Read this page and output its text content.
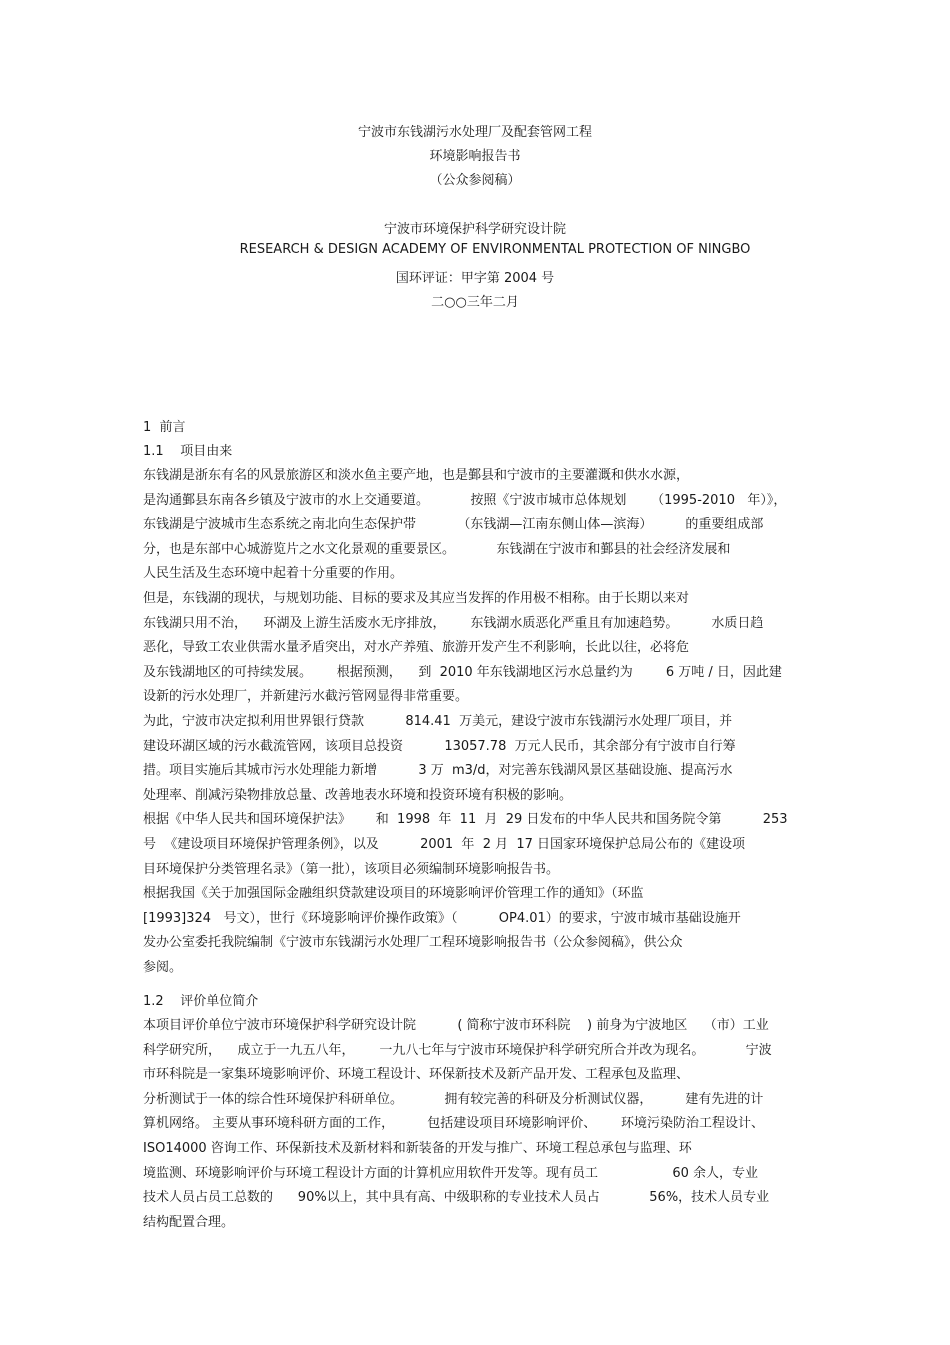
宁波市东钱湖污水处理厂及配套管网工程
环境影响报告书
（公众参阅稿）
宁波市环境保护科学研究设计院
RESEARCH & DESIGN ACADEMY OF ENVIRONMENTAL PROTECTION OF NINGBO
国环评证：甲字第 2004 号
二○○三年二月
1  前言
1.1    项目由来
东钱湖是浙东有名的风景旅游区和淡水鱼主要产地，也是鄞县和宁波市的主要灌溉和供水水源，
是沟通鄞县东南各乡镇及宁波市的水上交通要道。          按照《宁波市城市总体规划      （1995-2010   年）》，
东钱湖是宁波城市生态系统之南北向生态保护带          （东钱湖—江南东侧山体—滨海）        的重要组成部
分，也是东部中心城游览片之水文化景观的重要景区。          东钱湖在宁波市和鄞县的社会经济发展和
人民生活及生态环境中起着十分重要的作用。
但是，东钱湖的现状，与规划功能、目标的要求及其应当发挥的作用极不相称。由于长期以来对
东钱湖只用不治，    环湖及上游生活废水无序排放，      东钱湖水质恶化严重且有加速趋势。        水质日趋
恶化，导致工农业供需水量矛盾突出，对水产养殖、旅游开发产生不利影响，长此以往，必将危
及东钱湖地区的可持续发展。      根据预测，    到  2010 年东钱湖地区污水总量约为        6 万吨 / 日，因此建
设新的污水处理厂，并新建污水截污管网显得非常重要。
为此，宁波市决定拟利用世界银行贷款          814.41  万美元，建设宁波市东钱湖污水处理厂项目，并
建设环湖区域的污水截流管网，该项目总投资          13057.78  万元人民币，其余部分有宁波市自行筹
措。项目实施后其城市污水处理能力新增          3 万  m3/d，对完善东钱湖风景区基础设施、提高污水
处理率、削减污染物排放总量、改善地表水环境和投资环境有积极的影响。
根据《中华人民共和国环境保护法》      和  1998  年  11  月  29 日发布的中华人民共和国务院令第          253
号  《建设项目环境保护管理条例》，以及          2001  年  2 月  17 日国家环境保护总局公布的《建设项
目环境保护分类管理名录》（第一批），该项目必须编制环境影响报告书。
根据我国《关于加强国际金融组织贷款建设项目的环境影响评价管理工作的通知》（环监
[1993]324   号文），世行《环境影响评价操作政策》（          OP4.01）的要求，宁波市城市基础设施开
发办公室委托我院编制《宁波市东钱湖污水处理厂工程环境影响报告书（公众参阅稿》，供公众
参阅。
1.2    评价单位简介
本项目评价单位宁波市环境保护科学研究设计院          ( 简称宁波市环科院    ) 前身为宁波地区    （市）工业
科学研究所，    成立于一九五八年，      一九八七年与宁波市环境保护科学研究所合并改为现名。          宁波
市环科院是一家集环境影响评价、环境工程设计、环保新技术及新产品开发、工程承包及监理、
分析测试于一体的综合性环境保护科研单位。          拥有较完善的科研及分析测试仪器，        建有先进的计
算机网络。 主要从事环境科研方面的工作，        包括建设项目环境影响评价、      环境污染防治工程设计、
ISO14000 咨询工作、环保新技术及新材料和新装备的开发与推广、环境工程总承包与监理、环
境监测、环境影响评价与环境工程设计方面的计算机应用软件开发等。现有员工                  60 余人，专业
技术人员占员工总数的      90%以上，其中具有高、中级职称的专业技术人员占            56%，技术人员专业
结构配置合理。
